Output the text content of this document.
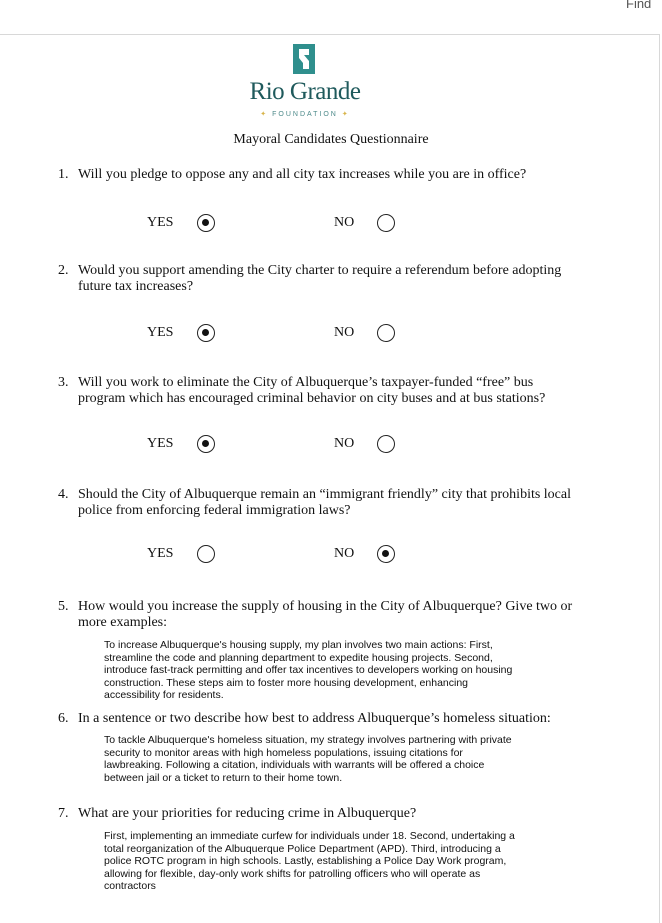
Find
Rio Grande
✦ FOUNDATION ✦
Mayoral Candidates Questionnaire
1. Will you pledge to oppose any and all city tax increases while you are in office?
YES	NO
2. Would you support amending the City charter to require a referendum before adopting future tax increases?
YES	NO
3. Will you work to eliminate the City of Albuquerque’s taxpayer-funded “free” bus program which has encouraged criminal behavior on city buses and at bus stations?
YES	NO
4. Should the City of Albuquerque remain an “immigrant friendly” city that prohibits local police from enforcing federal immigration laws?
YES	NO
5. How would you increase the supply of housing in the City of Albuquerque? Give two or more examples:
To increase Albuquerque's housing supply, my plan involves two main actions: First, streamline the code and planning department to expedite housing projects. Second, introduce fast-track permitting and offer tax incentives to developers working on housing construction. These steps aim to foster more housing development, enhancing accessibility for residents.
6. In a sentence or two describe how best to address Albuquerque’s homeless situation:
To tackle Albuquerque's homeless situation, my strategy involves partnering with private security to monitor areas with high homeless populations, issuing citations for lawbreaking. Following a citation, individuals with warrants will be offered a choice between jail or a ticket to return to their home town.
7. What are your priorities for reducing crime in Albuquerque?
First, implementing an immediate curfew for individuals under 18. Second, undertaking a total reorganization of the Albuquerque Police Department (APD). Third, introducing a police ROTC program in high schools. Lastly, establishing a Police Day Work program, allowing for flexible, day-only work shifts for patrolling officers who will operate as contractors
